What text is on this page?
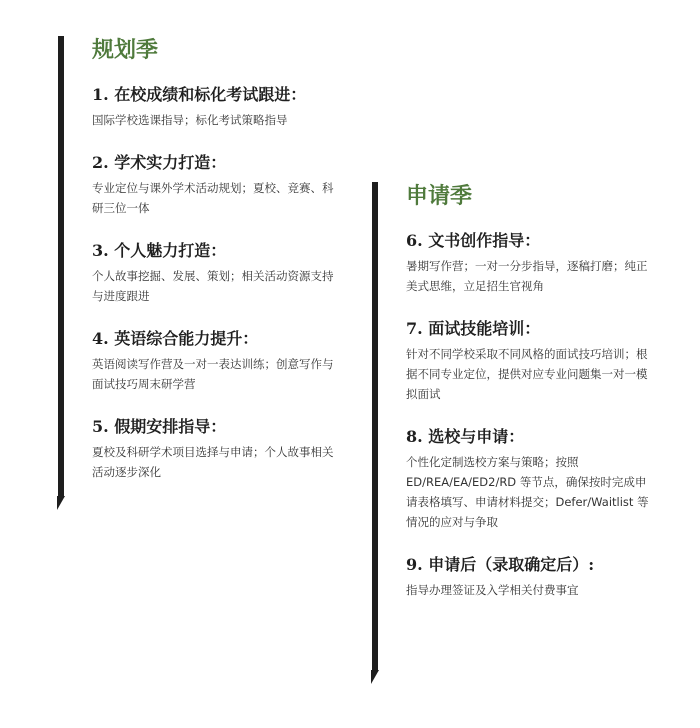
规划季
1. 在校成绩和标化考试跟进：

国际学校选课指导；标化考试策略指导

2. 学术实力打造：

专业定位与课外学术活动规划；夏校、竞赛、科研三位一体

3. 个人魅力打造：

个人故事挖掘、发展、策划；相关活动资源支持与进度跟进

4. 英语综合能力提升：

英语阅读写作营及一对一表达训练；创意写作与面试技巧周末研学营

5. 假期安排指导：

夏校及科研学术项目选择与申请；个人故事相关活动逐步深化

申请季
6. 文书创作指导：

暑期写作营；一对一分步指导，逐稿打磨；纯正美式思维，立足招生官视角

7. 面试技能培训：

针对不同学校采取不同风格的面试技巧培训；根据不同专业定位，提供对应专业问题集一对一模拟面试

8. 选校与申请：

个性化定制选校方案与策略；按照 ED/REA/EA/ED2/RD 等节点，确保按时完成申请表格填写、申请材料提交；Defer/Waitlist 等情况的应对与争取

9. 申请后（录取确定后）:

指导办理签证及入学相关付费事宜
